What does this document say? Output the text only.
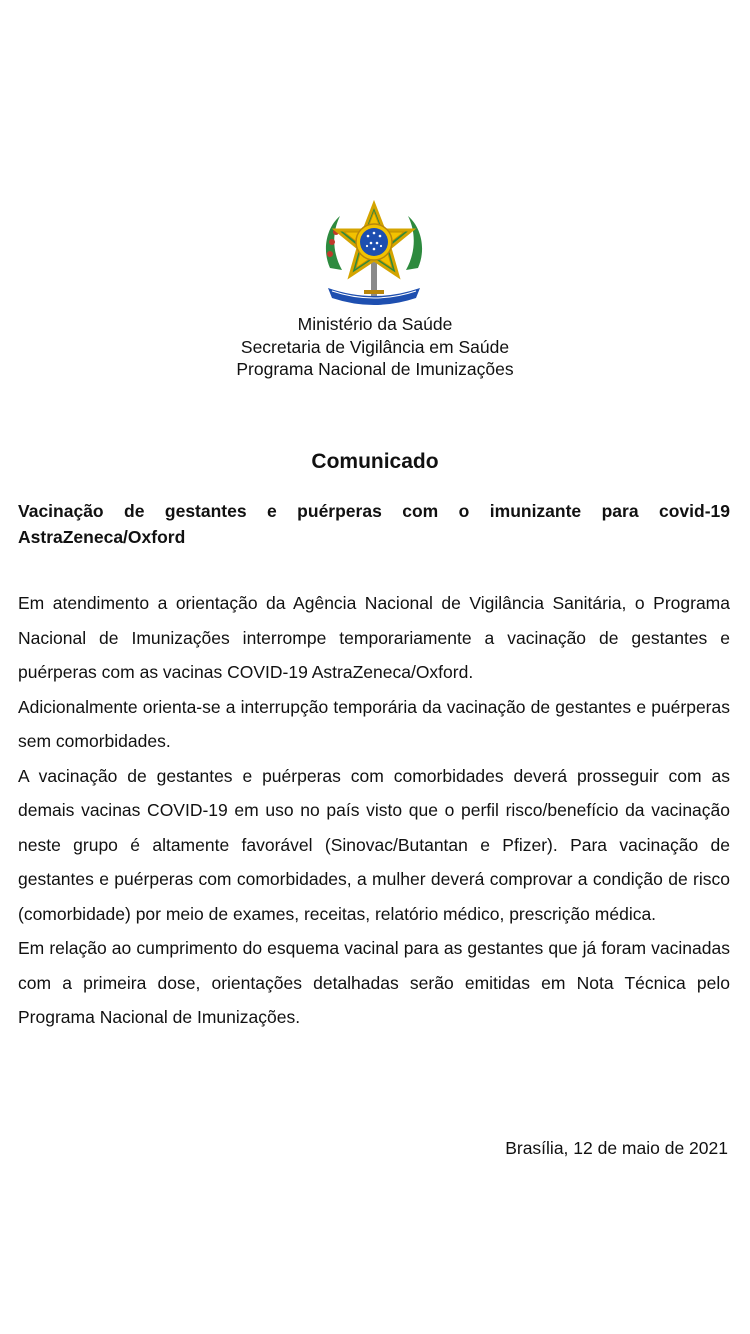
Ministério da Saúde
Secretaria de Vigilância em Saúde
Programa Nacional de Imunizações
Comunicado
Vacinação de gestantes e puérperas com o imunizante para covid-19 AstraZeneca/Oxford

Em atendimento a orientação da Agência Nacional de Vigilância Sanitária, o Programa Nacional de Imunizações interrompe temporariamente a vacinação de gestantes e puérperas com as vacinas COVID-19 AstraZeneca/Oxford.

Adicionalmente orienta-se a interrupção temporária da vacinação de gestantes e puérperas sem comorbidades.

A vacinação de gestantes e puérperas com comorbidades deverá prosseguir com as demais vacinas COVID-19 em uso no país visto que o perfil risco/benefício da vacinação neste grupo é altamente favorável (Sinovac/Butantan e Pfizer). Para vacinação de gestantes e puérperas com comorbidades, a mulher deverá comprovar a condição de risco (comorbidade) por meio de exames, receitas, relatório médico, prescrição médica.

Em relação ao cumprimento do esquema vacinal para as gestantes que já foram vacinadas com a primeira dose, orientações detalhadas serão emitidas em Nota Técnica pelo Programa Nacional de Imunizações.

Brasília, 12 de maio de 2021
